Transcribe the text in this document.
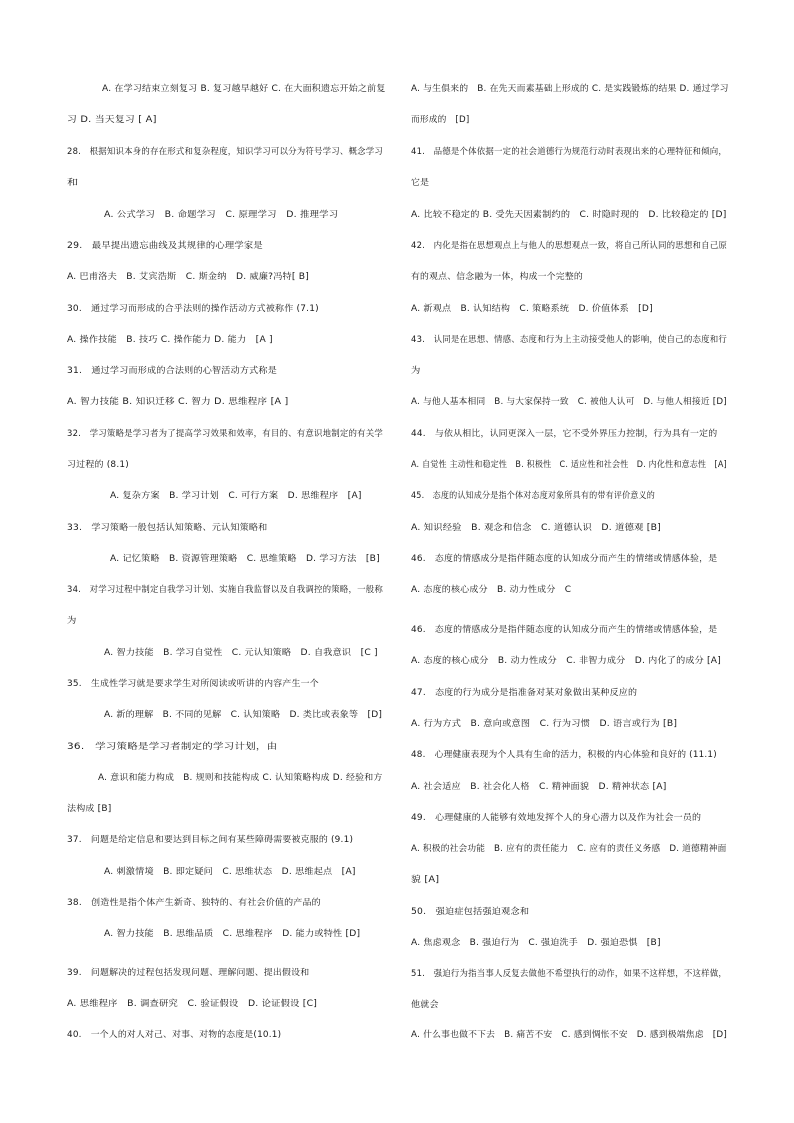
A. 在学习结束立刻复习 B. 复习越早越好 C. 在大面积遗忘开始之前复
习 D. 当天复习 [ A]
28.　根据知识本身的存在形式和复杂程度，知识学习可以分为符号学习、概念学习
和
A. 公式学习　B. 命题学习　C. 原理学习　D. 推理学习
29.　最早提出遗忘曲线及其规律的心理学家是
A. 巴甫洛夫　B. 艾宾浩斯　C. 斯金纳　D. 威廉?冯特[ B]
30.　通过学习而形成的合乎法则的操作活动方式被称作 (7.1)
A. 操作技能　B. 技巧 C. 操作能力 D. 能力　[A ]
31.　通过学习而形成的合法则的心智活动方式称是
A. 智力技能 B. 知识迁移 C. 智力 D. 思维程序 [A ]
32.　学习策略是学习者为了提高学习效果和效率，有目的、有意识地制定的有关学
习过程的 (8.1)
A. 复杂方案　B. 学习计划　C. 可行方案　D. 思维程序　[A]
33.　学习策略一般包括认知策略、元认知策略和
A. 记忆策略　B. 资源管理策略　C. 思维策略　D. 学习方法　[B]
34.　对学习过程中制定自我学习计划、实施自我监督以及自我调控的策略，一般称
为
A. 智力技能　B. 学习自觉性　C. 元认知策略　D. 自我意识　[C ]
35.　生成性学习就是要求学生对所阅读或听讲的内容产生一个
A. 新的理解　B. 不同的见解　C. 认知策略　D. 类比或表象等　[D]
36.　学习策略是学习者制定的学习计划，由
A. 意识和能力构成　B. 规则和技能构成 C. 认知策略构成 D. 经验和方
法构成 [B]
37.　问题是给定信息和要达到目标之间有某些障碍需要被克服的 (9.1)
A. 刺激情境　B. 即定疑问　C. 思维状态　D. 思维起点　[A]
38.　创造性是指个体产生新奇、独特的、有社会价值的产品的
A. 智力技能　B. 思维品质　C. 思维程序　D. 能力或特性 [D]
39.　问题解决的过程包括发现问题、理解问题、提出假设和
A. 思维程序　B. 调查研究　C. 验证假设　D. 论证假设 [C]
40.　一个人的对人对己、对事、对物的态度是(10.1)
A. 与生俱来的　B. 在先天而素基础上形成的 C. 是实践锻炼的结果 D. 通过学习
而形成的　[D]
41.　品德是个体依据一定的社会道德行为规范行动时表现出来的心理特征和倾向，
它是
A. 比较不稳定的 B. 受先天因素制约的　C. 时隐时现的　D. 比较稳定的 [D]
42.　内化是指在思想观点上与他人的思想观点一致，将自己所认同的思想和自己原
有的观点、信念融为一体，构成一个完整的
A. 新观点　B. 认知结构　C. 策略系统　D. 价值体系　[D]
43.　认同是在思想、情感、态度和行为上主动接受他人的影响，使自己的态度和行
为
A. 与他人基本相同　B. 与大家保持一致　C. 被他人认可　D. 与他人相接近 [D]
44.　与依从相比，认同更深入一层，它不受外界压力控制，行为具有一定的
A. 自觉性 主动性和稳定性　B. 积极性　C. 适应性和社会性　D. 内化性和意志性　[A]
45.　态度的认知成分是指个体对态度对象所具有的带有评价意义的
A. 知识经验　B. 观念和信念　C. 道德认识　D. 道德观 [B]
46.　态度的情感成分是指伴随态度的认知成分而产生的情绪或情感体验，是
A. 态度的核心成分　B. 动力性成分　C
46.　态度的情感成分是指伴随态度的认知成分而产生的情绪或情感体验，是
A. 态度的核心成分　B. 动力性成分　C. 非智力成分　D. 内化了的成分 [A]
47.　态度的行为成分是指准备对某对象做出某种反应的
A. 行为方式　B. 意向或意图　C. 行为习惯　D. 语言或行为 [B]
48.　心理健康表现为个人具有生命的活力，积极的内心体验和良好的 (11.1)
A. 社会适应　B. 社会化人格　C. 精神面貌　D. 精神状态 [A]
49.　心理健康的人能够有效地发挥个人的身心潜力以及作为社会一员的
A. 积极的社会功能　B. 应有的责任能力　C. 应有的责任义务感　D. 道德精神面
貌 [A]
50.　强迫症包括强迫观念和
A. 焦虑观念　B. 强迫行为　C. 强迫洗手　D. 强迫恐惧　[B]
51.　强迫行为指当事人反复去做他不希望执行的动作，如果不这样想，不这样做，
他就会
A. 什么事也做不下去　B. 痛苦不安　C. 感到惆怅不安　D. 感到极端焦虑　[D]
